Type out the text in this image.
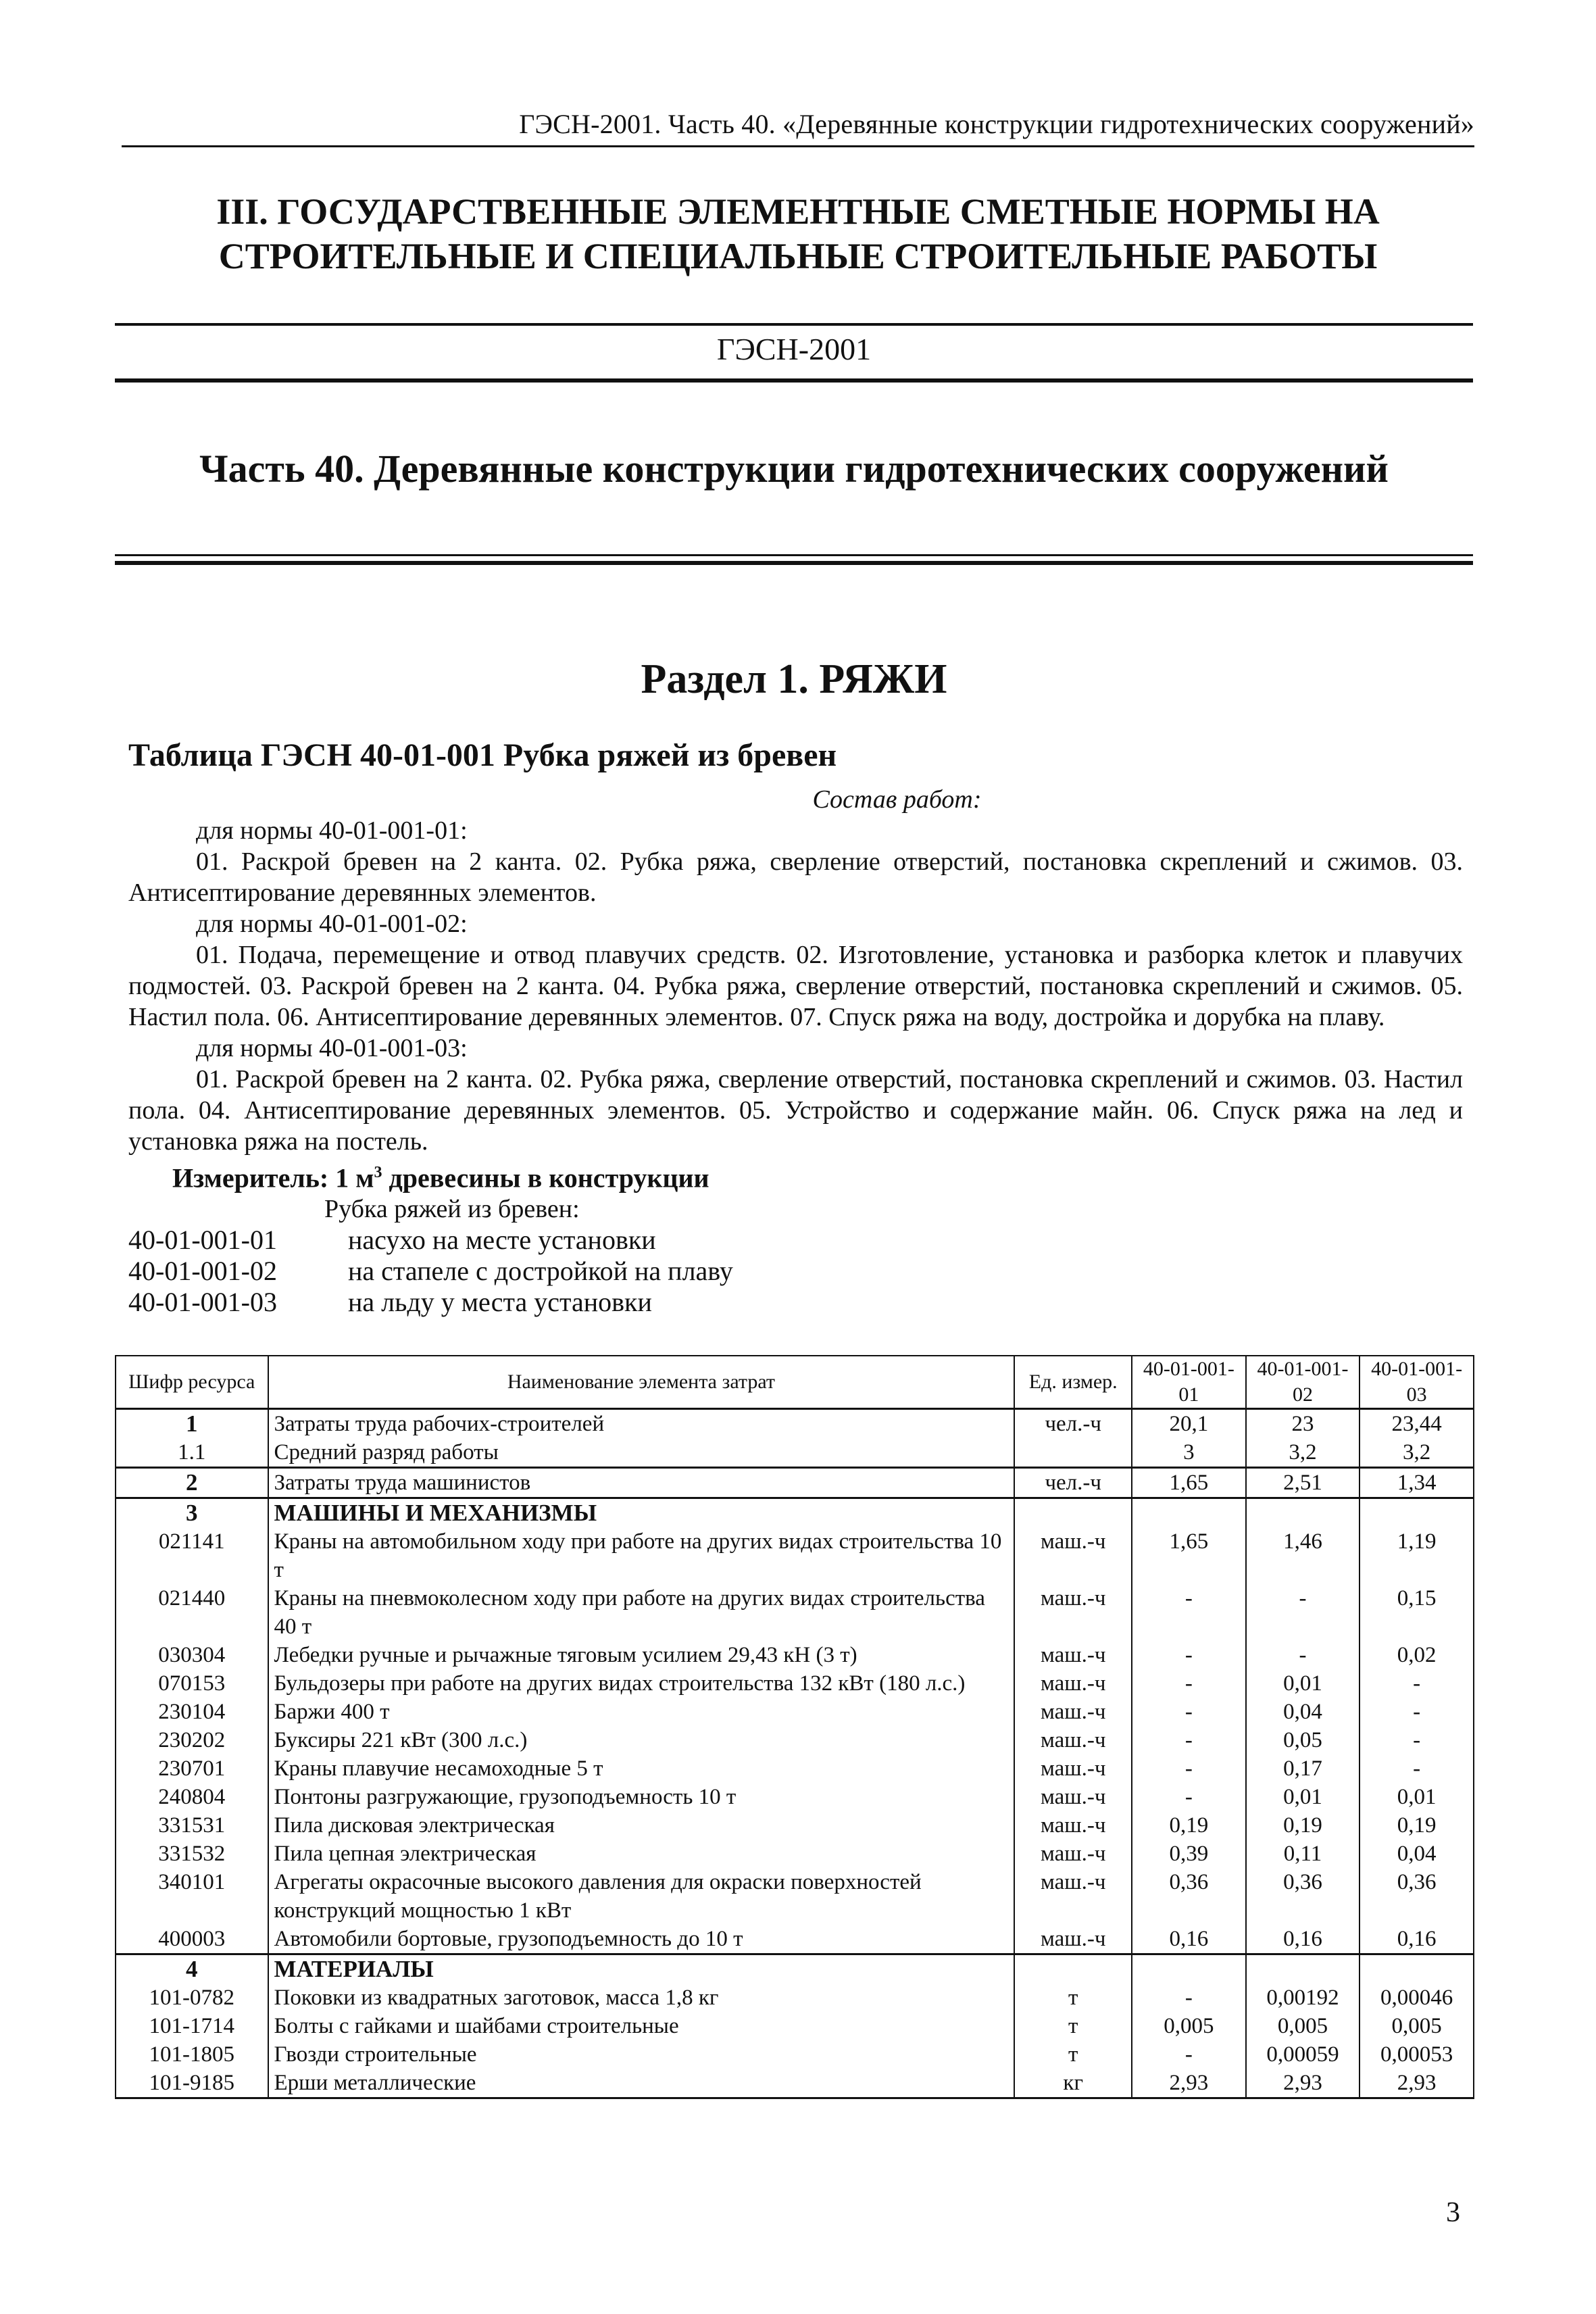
ГЭСН-2001. Часть 40. «Деревянные конструкции гидротехнических сооружений»
III. ГОСУДАРСТВЕННЫЕ ЭЛЕМЕНТНЫЕ СМЕТНЫЕ НОРМЫ НА
СТРОИТЕЛЬНЫЕ И СПЕЦИАЛЬНЫЕ СТРОИТЕЛЬНЫЕ РАБОТЫ
ГЭСН-2001
Часть 40. Деревянные конструкции гидротехнических сооружений
Раздел 1. РЯЖИ
Таблица ГЭСН 40-01-001 Рубка ряжей из бревен

Состав работ:

для нормы 40-01-001-01:

01. Раскрой бревен на 2 канта. 02. Рубка ряжа, сверление отверстий, постановка скреплений и сжимов. 03. Антисептирование деревянных элементов.

для нормы 40-01-001-02:

01. Подача, перемещение и отвод плавучих средств. 02. Изготовление, установка и разборка клеток и плавучих подмостей. 03. Раскрой бревен на 2 канта. 04. Рубка ряжа, сверление отверстий, постановка скреплений и сжимов. 05. Настил пола. 06. Антисептирование деревянных элементов. 07. Спуск ряжа на воду, достройка и дорубка на плаву.

для нормы 40-01-001-03:

01. Раскрой бревен на 2 канта. 02. Рубка ряжа, сверление отверстий, постановка скреплений и сжимов. 03. Настил пола. 04. Антисептирование деревянных элементов. 05. Устройство и содержание майн. 06. Спуск ряжа на лед и установка ряжа на постель.

Измеритель: 1 $м^3$ древесины в конструкции

Рубка ряжей из бревен:

40-01-001-01	насухо на месте установки
40-01-001-02	на стапеле с достройкой на плаву
40-01-001-03	на льду у места установки
Шифр ресурса	Наименование элемента затрат	Ед. измер.	40-01-001-01	40-01-001-02	40-01-001-03
1	Затраты труда рабочих-строителей	чел.-ч	20,1	23	23,44
1.1	Средний разряд работы		3	3,2	3,2
2	Затраты труда машинистов	чел.-ч	1,65	2,51	1,34
3	МАШИНЫ И МЕХАНИЗМЫ				
021141	Краны на автомобильном ходу при работе на других видах строительства 10 т	маш.-ч	1,65	1,46	1,19
021440	Краны на пневмоколесном ходу при работе на других видах строительства 40 т	маш.-ч	-	-	0,15
030304	Лебедки ручные и рычажные тяговым усилием 29,43 кН (3 т)	маш.-ч	-	-	0,02
070153	Бульдозеры при работе на других видах строительства 132 кВт (180 л.с.)	маш.-ч	-	0,01	-
230104	Баржи 400 т	маш.-ч	-	0,04	-
230202	Буксиры 221 кВт (300 л.с.)	маш.-ч	-	0,05	-
230701	Краны плавучие несамоходные 5 т	маш.-ч	-	0,17	-
240804	Понтоны разгружающие, грузоподъемность 10 т	маш.-ч	-	0,01	0,01
331531	Пила дисковая электрическая	маш.-ч	0,19	0,19	0,19
331532	Пила цепная электрическая	маш.-ч	0,39	0,11	0,04
340101	Агрегаты окрасочные высокого давления для окраски поверхностей конструкций мощностью 1 кВт	маш.-ч	0,36	0,36	0,36
400003	Автомобили бортовые, грузоподъемность до 10 т	маш.-ч	0,16	0,16	0,16
4	МАТЕРИАЛЫ				
101-0782	Поковки из квадратных заготовок, масса 1,8 кг	т	-	0,00192	0,00046
101-1714	Болты с гайками и шайбами строительные	т	0,005	0,005	0,005
101-1805	Гвозди строительные	т	-	0,00059	0,00053
101-9185	Ерши металлические	кг	2,93	2,93	2,93
3
